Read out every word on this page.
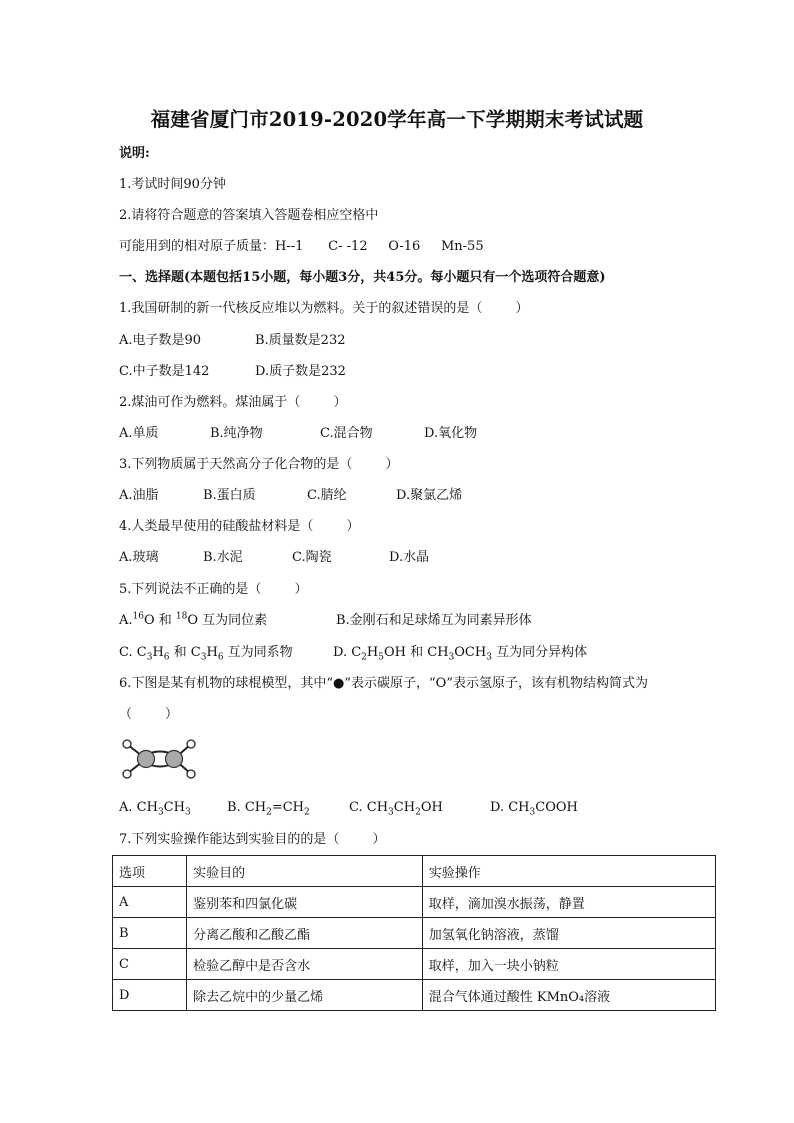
福建省厦门市2019-2020学年高一下学期期末考试试题
说明:
1.考试时间90分钟
2.请将符合题意的答案填入答题卷相应空格中
可能用到的相对原子质量：H--1      C- -12     O-16     Mn-55
一、选择题(本题包括15小题，每小题3分，共45分。每小题只有一个选项符合题意)
1.我国研制的新一代核反应堆以为燃料。关于的叙述错误的是（        ）
A.电子数是90	B.质量数是232
C.中子数是142	D.质子数是232
2.煤油可作为燃料。煤油属于（        ）
A.单质	B.纯净物	C.混合物	D.氧化物
3.下列物质属于天然高分子化合物的是（        ）
A.油脂	B.蛋白质	C.腈纶	D.聚氯乙烯
4.人类最早使用的硅酸盐材料是（        ）
A.玻璃	B.水泥	C.陶瓷	D.水晶
5.下列说法不正确的是（        ）
A.$^{16}$O 和 $^{18}$O 互为同位素	B.金刚石和足球烯互为同素异形体
C. $C_3H_6$ 和 $C_3H_6$ 互为同系物	D. $C_2H_5OH$ 和 $CH_3OCH_3$ 互为同分异构体
6.下图是某有机物的球棍模型，其中“●”表示碳原子，“O”表示氢原子，该有机物结构简式为
（        ）
A. $CH_3CH_3$	B. $CH_2=CH_2$	C. $CH_3CH_2OH$	D. $CH_3COOH$
7.下列实验操作能达到实验目的的是（        ）
选项	实验目的	实验操作
A	鉴别苯和四氯化碳	取样，滴加溴水振荡，静置
B	分离乙酸和乙酸乙酯	加氢氧化钠溶液，蒸馏
C	检验乙醇中是否含水	取样，加入一块小钠粒
D	除去乙烷中的少量乙烯	混合气体通过酸性 KMnO₄溶液
